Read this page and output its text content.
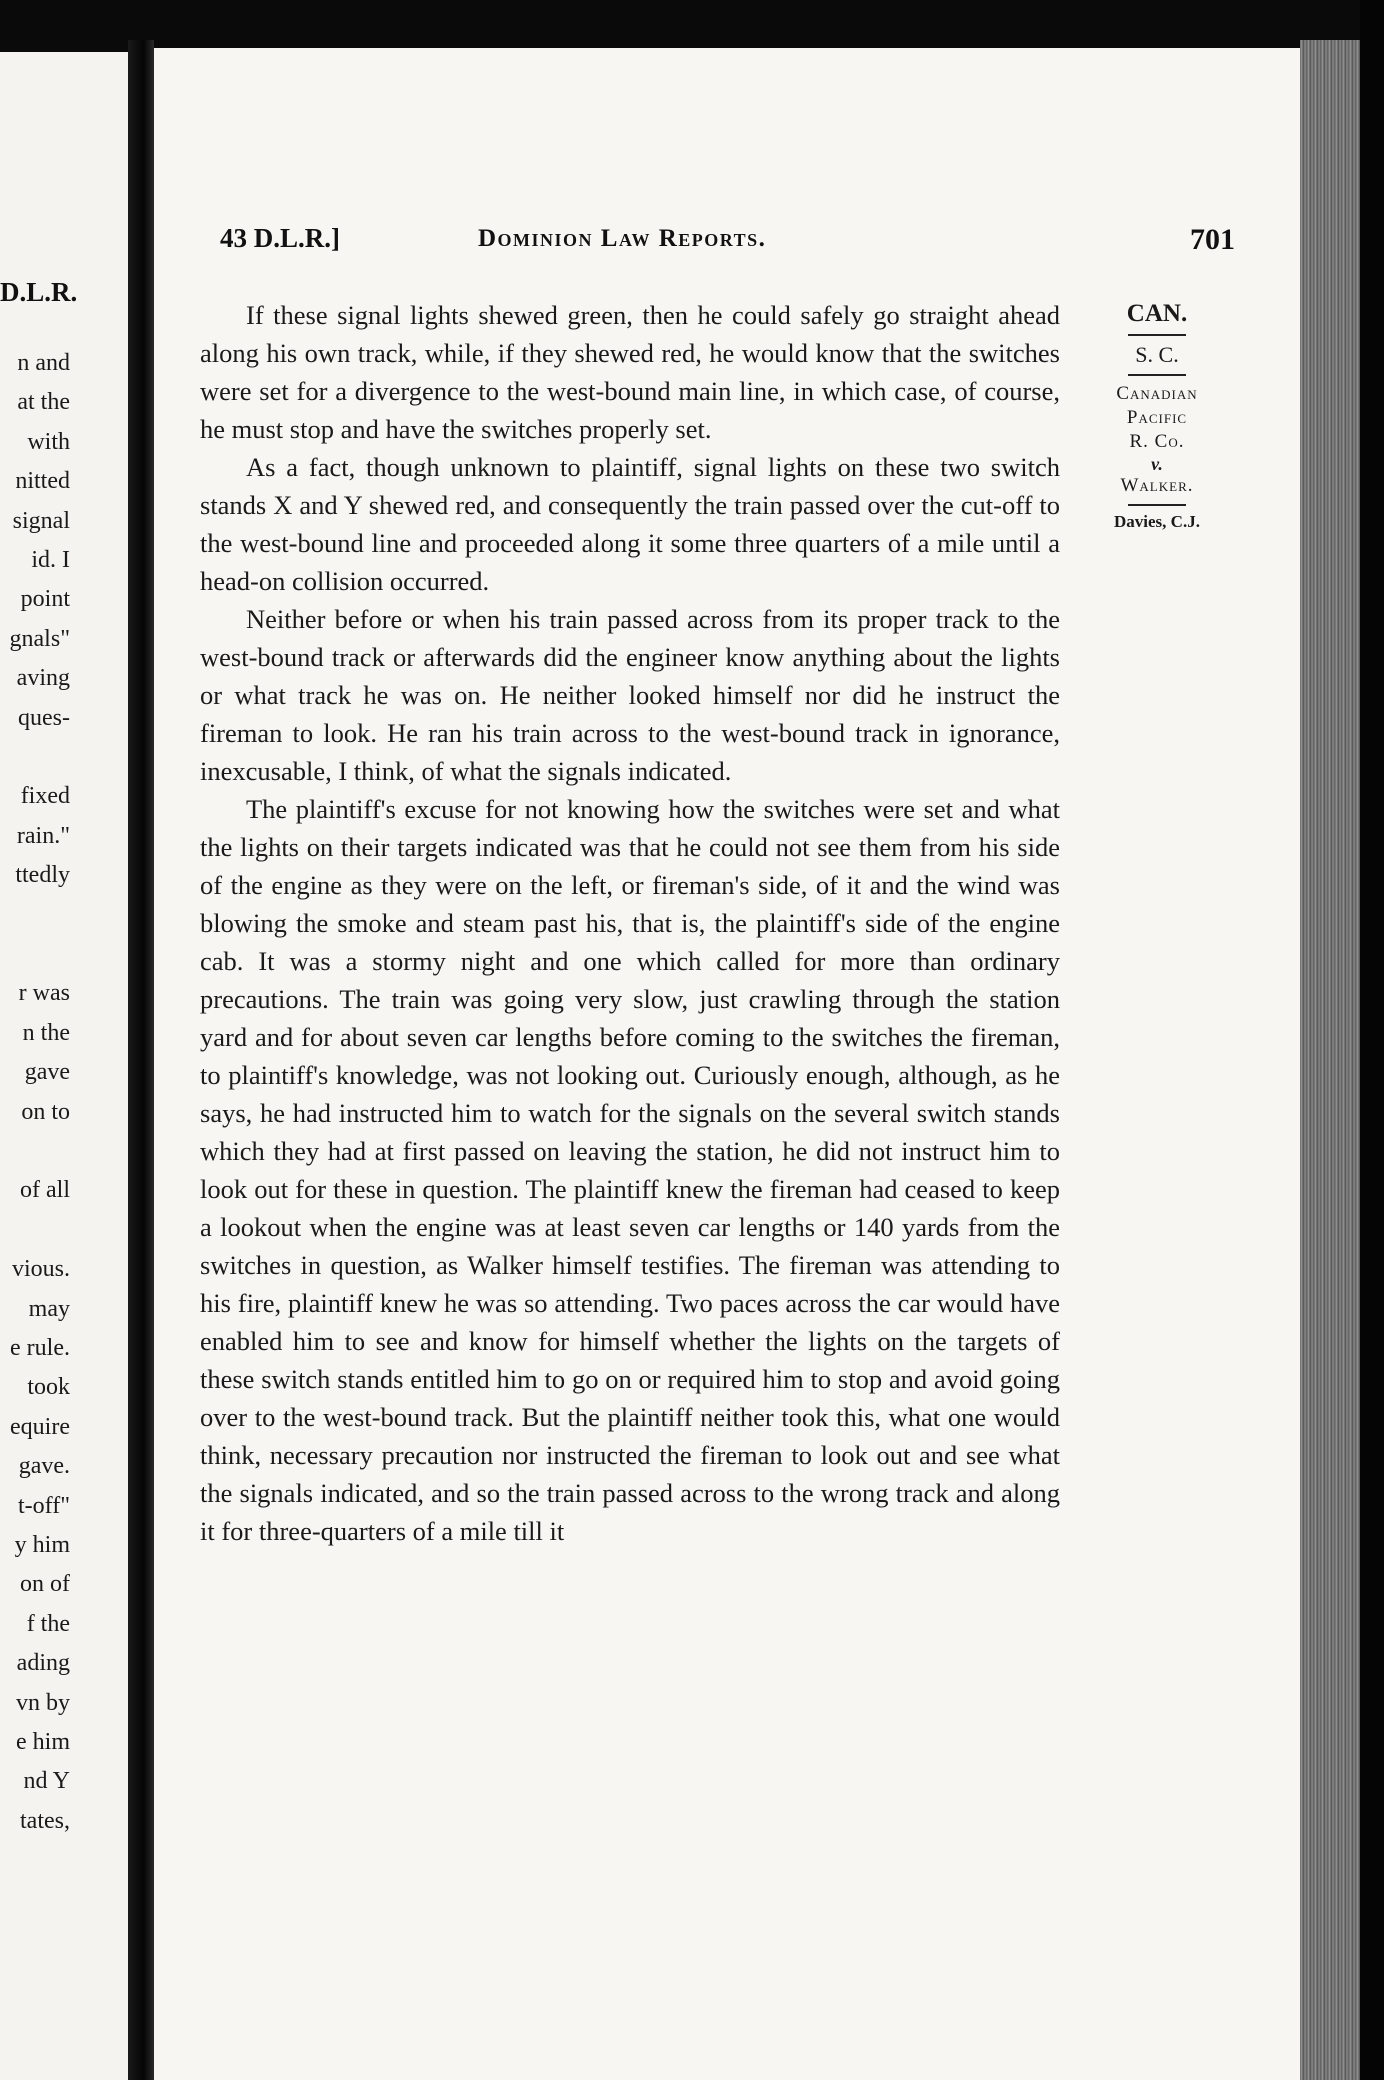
D.L.R.
n and
at the
with
nitted
signal
id. I
point
gnals"
aving
ques-
fixed
rain."
ttedly
r was
n the
gave
on to
of all
vious.
may
e rule.
took
equire
gave.
t-off"
y him
on of
f the
ading
vn by
e him
nd Y
tates,
43 D.L.R.]	Dominion Law Reports.	701

If these signal lights shewed green, then he could safely go straight ahead along his own track, while, if they shewed red, he would know that the switches were set for a divergence to the west-bound main line, in which case, of course, he must stop and have the switches properly set.

As a fact, though unknown to plaintiff, signal lights on these two switch stands X and Y shewed red, and consequently the train passed over the cut-off to the west-bound line and proceeded along it some three quarters of a mile until a head-on collision occurred.

Neither before or when his train passed across from its proper track to the west-bound track or afterwards did the engineer know anything about the lights or what track he was on. He neither looked himself nor did he instruct the fireman to look. He ran his train across to the west-bound track in ignorance, inexcusable, I think, of what the signals indicated.

The plaintiff's excuse for not knowing how the switches were set and what the lights on their targets indicated was that he could not see them from his side of the engine as they were on the left, or fireman's side, of it and the wind was blowing the smoke and steam past his, that is, the plaintiff's side of the engine cab. It was a stormy night and one which called for more than ordinary precautions. The train was going very slow, just crawling through the station yard and for about seven car lengths before coming to the switches the fireman, to plaintiff's knowledge, was not looking out. Curiously enough, although, as he says, he had instructed him to watch for the signals on the several switch stands which they had at first passed on leaving the station, he did not instruct him to look out for these in question. The plaintiff knew the fireman had ceased to keep a lookout when the engine was at least seven car lengths or 140 yards from the switches in question, as Walker himself testifies. The fireman was attending to his fire, plaintiff knew he was so attending. Two paces across the car would have enabled him to see and know for himself whether the lights on the targets of these switch stands entitled him to go on or required him to stop and avoid going over to the west-bound track. But the plaintiff neither took this, what one would think, necessary precaution nor instructed the fireman to look out and see what the signals indicated, and so the train passed across to the wrong track and along it for three-quarters of a mile till it

CAN.
S. C.
Canadian
Pacific
R. Co.
v.
Walker.
Davies, C.J.
